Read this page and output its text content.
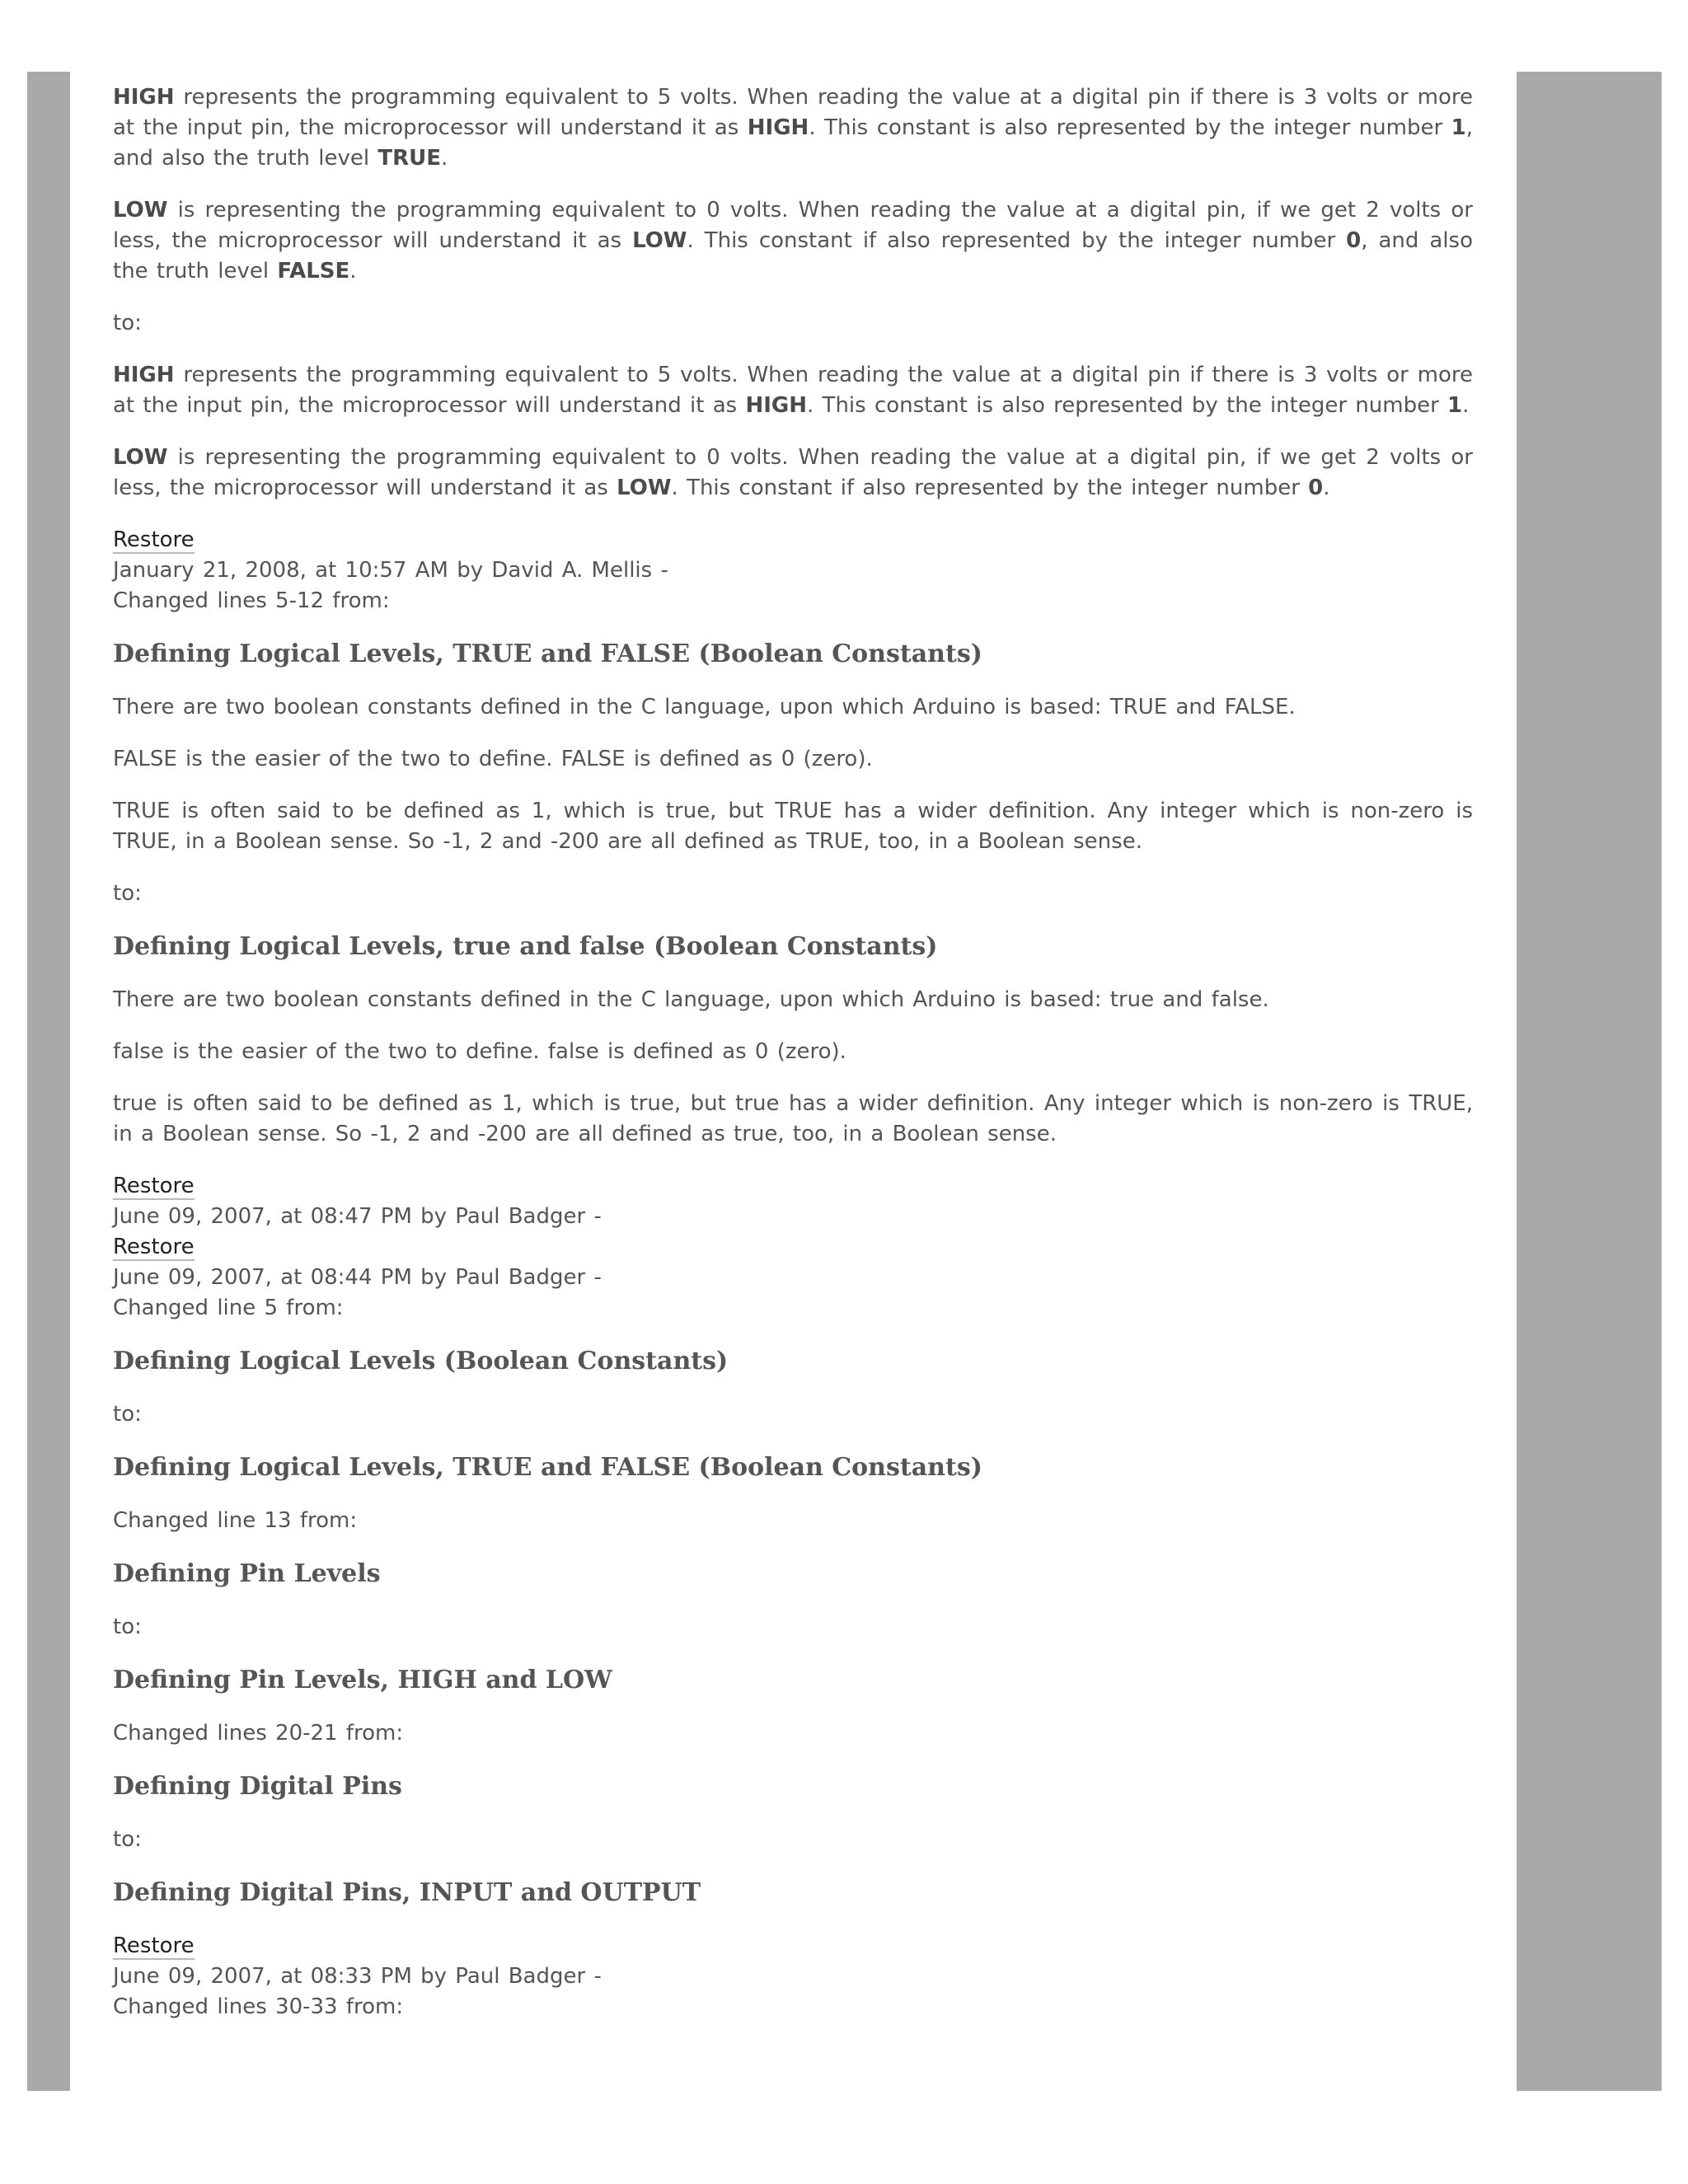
HIGH represents the programming equivalent to 5 volts. When reading the value at a digital pin if there is 3 volts or more at the input pin, the microprocessor will understand it as HIGH. This constant is also represented by the integer number 1, and also the truth level TRUE.

LOW is representing the programming equivalent to 0 volts. When reading the value at a digital pin, if we get 2 volts or less, the microprocessor will understand it as LOW. This constant if also represented by the integer number 0, and also the truth level FALSE.

to:

HIGH represents the programming equivalent to 5 volts. When reading the value at a digital pin if there is 3 volts or more at the input pin, the microprocessor will understand it as HIGH. This constant is also represented by the integer number 1.

LOW is representing the programming equivalent to 0 volts. When reading the value at a digital pin, if we get 2 volts or less, the microprocessor will understand it as LOW. This constant if also represented by the integer number 0.

Restore
January 21, 2008, at 10:57 AM by David A. Mellis -
Changed lines 5-12 from:
Defining Logical Levels, TRUE and FALSE (Boolean Constants)

There are two boolean constants defined in the C language, upon which Arduino is based: TRUE and FALSE.

FALSE is the easier of the two to define. FALSE is defined as 0 (zero).

TRUE is often said to be defined as 1, which is true, but TRUE has a wider definition. Any integer which is non-zero is TRUE, in a Boolean sense. So -1, 2 and -200 are all defined as TRUE, too, in a Boolean sense.

to:

Defining Logical Levels, true and false (Boolean Constants)

There are two boolean constants defined in the C language, upon which Arduino is based: true and false.

false is the easier of the two to define. false is defined as 0 (zero).

true is often said to be defined as 1, which is true, but true has a wider definition. Any integer which is non-zero is TRUE, in a Boolean sense. So -1, 2 and -200 are all defined as true, too, in a Boolean sense.

Restore
June 09, 2007, at 08:47 PM by Paul Badger -
Restore
June 09, 2007, at 08:44 PM by Paul Badger -
Changed line 5 from:
Defining Logical Levels (Boolean Constants)

to:

Defining Logical Levels, TRUE and FALSE (Boolean Constants)

Changed line 13 from:

Defining Pin Levels

to:

Defining Pin Levels, HIGH and LOW

Changed lines 20-21 from:

Defining Digital Pins

to:

Defining Digital Pins, INPUT and OUTPUT
Restore
June 09, 2007, at 08:33 PM by Paul Badger -
Changed lines 30-33 from:
